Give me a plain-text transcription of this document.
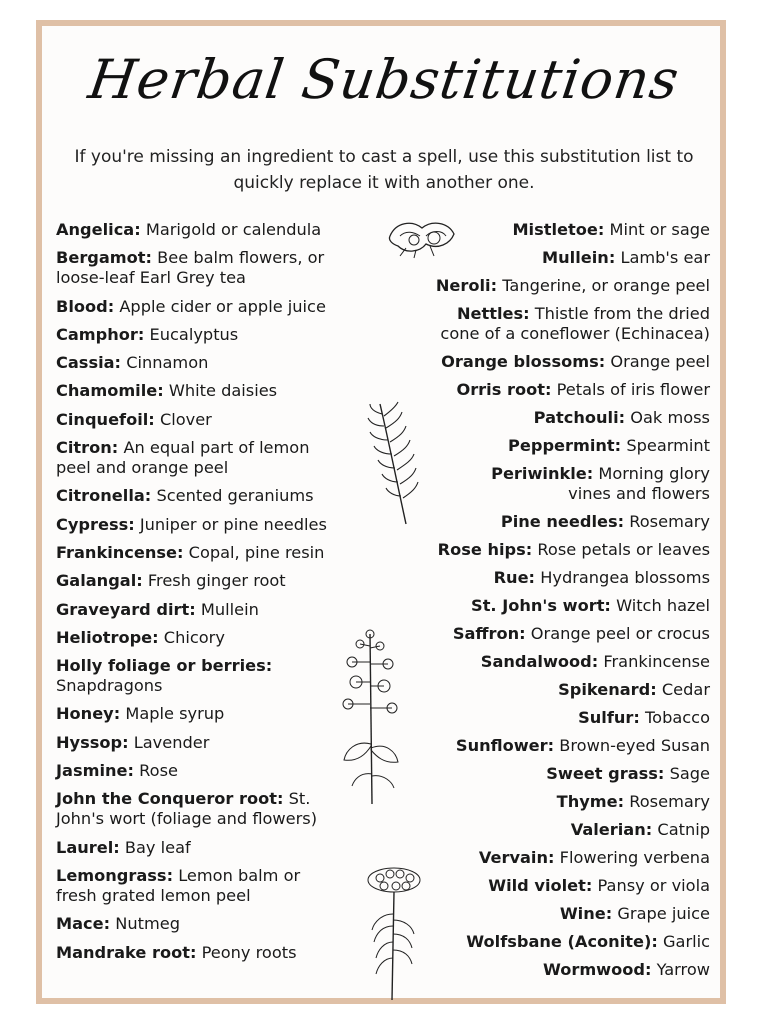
Herbal Substitutions
If you're missing an ingredient to cast a spell, use this substitution list to quickly replace it with another one.
Angelica: Marigold or calendula
Bergamot: Bee balm flowers, or
loose-leaf Earl Grey tea
Blood: Apple cider or apple juice
Camphor: Eucalyptus
Cassia: Cinnamon
Chamomile: White daisies
Cinquefoil: Clover
Citron: An equal part of lemon
peel and orange peel
Citronella: Scented geraniums
Cypress: Juniper or pine needles
Frankincense: Copal, pine resin
Galangal: Fresh ginger root
Graveyard dirt: Mullein
Heliotrope: Chicory
Holly foliage or berries:
Snapdragons
Honey: Maple syrup
Hyssop: Lavender
Jasmine: Rose
John the Conqueror root: St.
John's wort (foliage and flowers)
Laurel: Bay leaf
Lemongrass: Lemon balm or
fresh grated lemon peel
Mace: Nutmeg
Mandrake root: Peony roots
Mistletoe: Mint or sage
Mullein: Lamb's ear
Neroli: Tangerine, or orange peel
Nettles: Thistle from the dried
cone of a coneflower (Echinacea)
Orange blossoms: Orange peel
Orris root: Petals of iris flower
Patchouli: Oak moss
Peppermint: Spearmint
Periwinkle: Morning glory
vines and flowers
Pine needles: Rosemary
Rose hips: Rose petals or leaves
Rue: Hydrangea blossoms
St. John's wort: Witch hazel
Saffron: Orange peel or crocus
Sandalwood: Frankincense
Spikenard: Cedar
Sulfur: Tobacco
Sunflower: Brown-eyed Susan
Sweet grass: Sage
Thyme: Rosemary
Valerian: Catnip
Vervain: Flowering verbena
Wild violet: Pansy or viola
Wine: Grape juice
Wolfsbane (Aconite): Garlic
Wormwood: Yarrow
